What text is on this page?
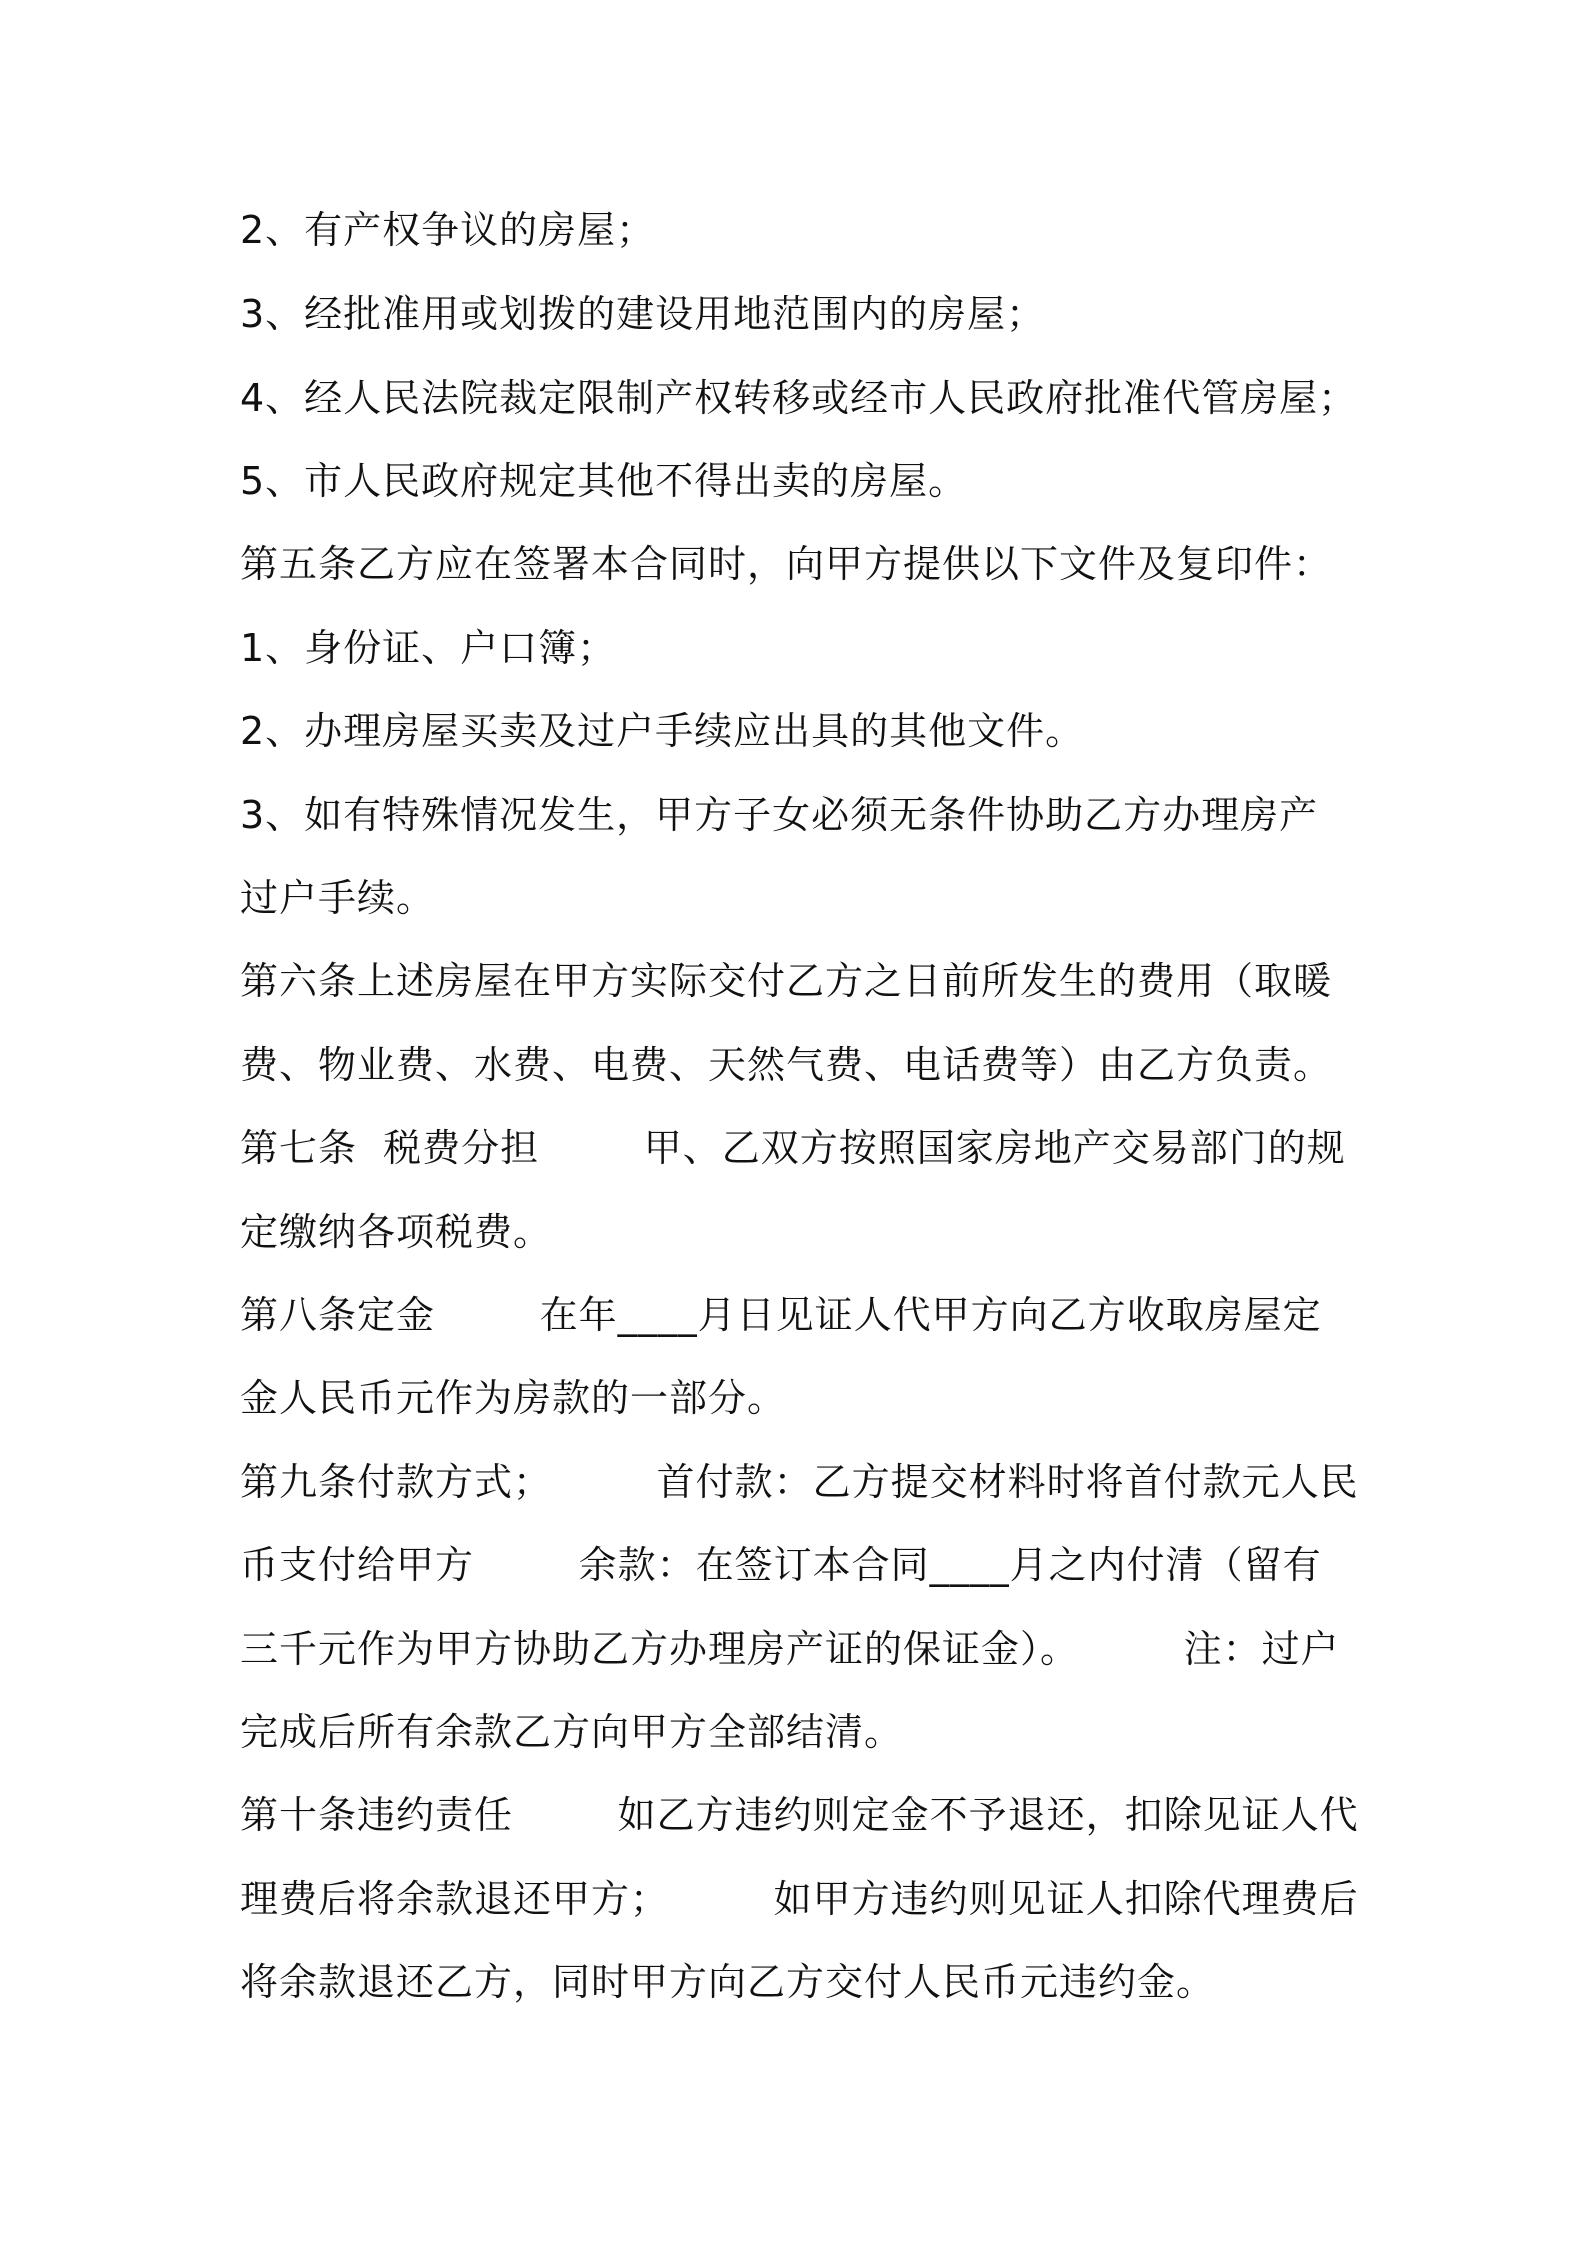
2、有产权争议的房屋；
3、经批准用或划拨的建设用地范围内的房屋；
4、经人民法院裁定限制产权转移或经市人民政府批准代管房屋；
5、市人民政府规定其他不得出卖的房屋。
第五条乙方应在签署本合同时，向甲方提供以下文件及复印件：
1、身份证、户口簿；
2、办理房屋买卖及过户手续应出具的其他文件。
3、如有特殊情况发生，甲方子女必须无条件协助乙方办理房产
过户手续。
第六条上述房屋在甲方实际交付乙方之日前所发生的费用（取暖
费、物业费、水费、电费、天然气费、电话费等）由乙方负责。
第七条  税费分担        甲、乙双方按照国家房地产交易部门的规
定缴纳各项税费。
第八条定金        在年____月日见证人代甲方向乙方收取房屋定
金人民币元作为房款的一部分。
第九条付款方式；        首付款：乙方提交材料时将首付款元人民
币支付给甲方        余款：在签订本合同____月之内付清（留有
三千元作为甲方协助乙方办理房产证的保证金）。        注：过户
完成后所有余款乙方向甲方全部结清。
第十条违约责任        如乙方违约则定金不予退还，扣除见证人代
理费后将余款退还甲方；        如甲方违约则见证人扣除代理费后
将余款退还乙方，同时甲方向乙方交付人民币元违约金。
